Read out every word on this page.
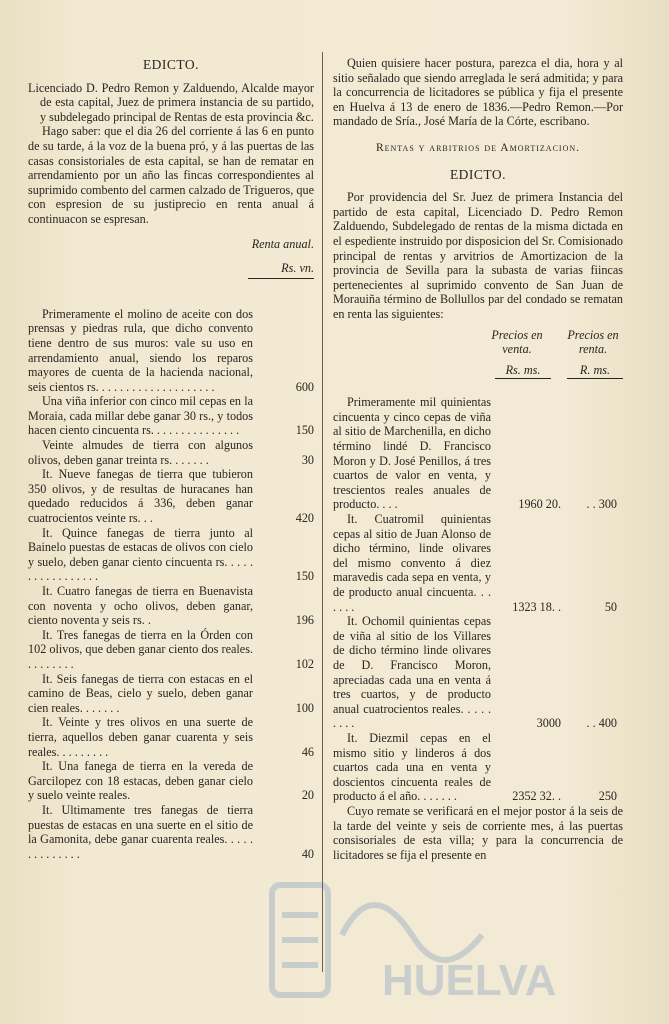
EDICTO.

Licenciado D. Pedro Remon y Zalduendo, Alcalde mayor de esta capital, Juez de primera instancia de su partido, y subdelegado principal de Rentas de esta provincia &c.

Hago saber: que el dia 26 del corriente á las 6 en punto de su tarde, á la voz de la buena pró, y á las puertas de las casas consistoriales de esta capital, se han de rematar en arrendamiento por un año las fincas correspondientes al suprimido combento del carmen calzado de Trigueros, que con espresion de su justiprecio en renta anual á continuacon se espresan.

Renta anual.
Rs. vn.
Primeramente el molino de aceite con dos prensas y piedras rula, que dicho convento tiene dentro de sus muros: vale su uso en arrendamiento anual, siendo los reparos mayores de cuenta de la hacienda nacional, seis cientos rs. . . . . . . . . . . . . . . . . . . .	600
Una viña inferior con cinco mil cepas en la Moraia, cada millar debe ganar 30 rs., y todos hacen ciento cincuenta rs. . . . . . . . . . . . . . .	150
Veinte almudes de tierra con algunos olivos, deben ganar treinta rs. . . . . . .	30
It. Nueve fanegas de tierra que tubieron 350 olivos, y de resultas de huracanes han quedado reducidos á 336, deben ganar cuatrocientos veinte rs. . .	420
It. Quince fanegas de tierra junto al Bainelo puestas de estacas de olivos con cielo y suelo, deben ganar ciento cincuenta rs. . . . . . . . . . . . . . . . .	150
It. Cuatro fanegas de tierra en Buenavista con noventa y ocho olivos, deben ganar, ciento noventa y seis rs. .	196
It. Tres fanegas de tierra en la Órden con 102 olivos, que deben ganar ciento dos reales. . . . . . . . .	102
It. Seis fanegas de tierra con estacas en el camino de Beas, cielo y suelo, deben ganar cien reales. . . . . . .	100
It. Veinte y tres olivos en una suerte de tierra, aquellos deben ganar cuarenta y seis reales. . . . . . . . .	46
It. Una fanega de tierra en la vereda de Garcilopez con 18 estacas, deben ganar cielo y suelo veinte reales.	20
It. Ultimamente tres fanegas de tierra puestas de estacas en una suerte en el sitio de la Gamonita, debe ganar cuarenta reales. . . . . . . . . . . . . .	40

Quien quisiere hacer postura, parezca el dia, hora y al sitio señalado que siendo arreglada le será admitida; y para la concurrencia de licitadores se pública y fija el presente en Huelva á 13 de enero de 1836.—Pedro Remon.—Por mandado de Sría., José María de la Córte, escribano.

Rentas y arbitrios de Amortizacion.
EDICTO.

Por providencia del Sr. Juez de primera Instancia del partido de esta capital, Licenciado D. Pedro Remon Zalduendo, Subdelegado de rentas de la misma dictada en el espediente instruido por disposicion del Sr. Comisionado principal de rentas y arvitrios de Amortizacion de la provincia de Sevilla para la subasta de varias fiincas pertenecientes al suprimido convento de San Juan de Morauiña término de Bollullos par del condado se rematan en renta las siguientes:

Precios en venta.
Precios en renta.
Rs. ms.	R. ms.
Primeramente mil quinientas cincuenta y cinco cepas de viña al sitio de Marchenilla, en dicho término lindé D. Francisco Moron y D. José Penillos, á tres cuartos de valor en venta, y trescientos reales anuales de producto. . . .	1960 20.	. . 300
It. Cuatromil quinientas cepas al sitio de Juan Alonso de dicho término, linde olivares del mismo convento á diez maravedis cada sepa en venta, y de producto anual cincuenta. . . . . . .	1323 18. .	50
It. Ochomil quinientas cepas de viña al sitio de los Villares de dicho término linde olivares de D. Francisco Moron, apreciadas cada una en venta á tres cuartos, y de producto anual cuatrocientos reales. . . . . . . . .	3000	. . 400
It. Diezmil cepas en el mismo sitio y linderos á dos cuartos cada una en venta y doscientos cincuenta reales de producto á el año. . . . . . .	2352 32. .	250

Cuyo remate se verificará en el mejor postor á la seis de la tarde del veinte y seis de corriente mes, á las puertas consisoriales de esta villa; y para la concurrencia de licitadores se fija el presente en

HUELVA
